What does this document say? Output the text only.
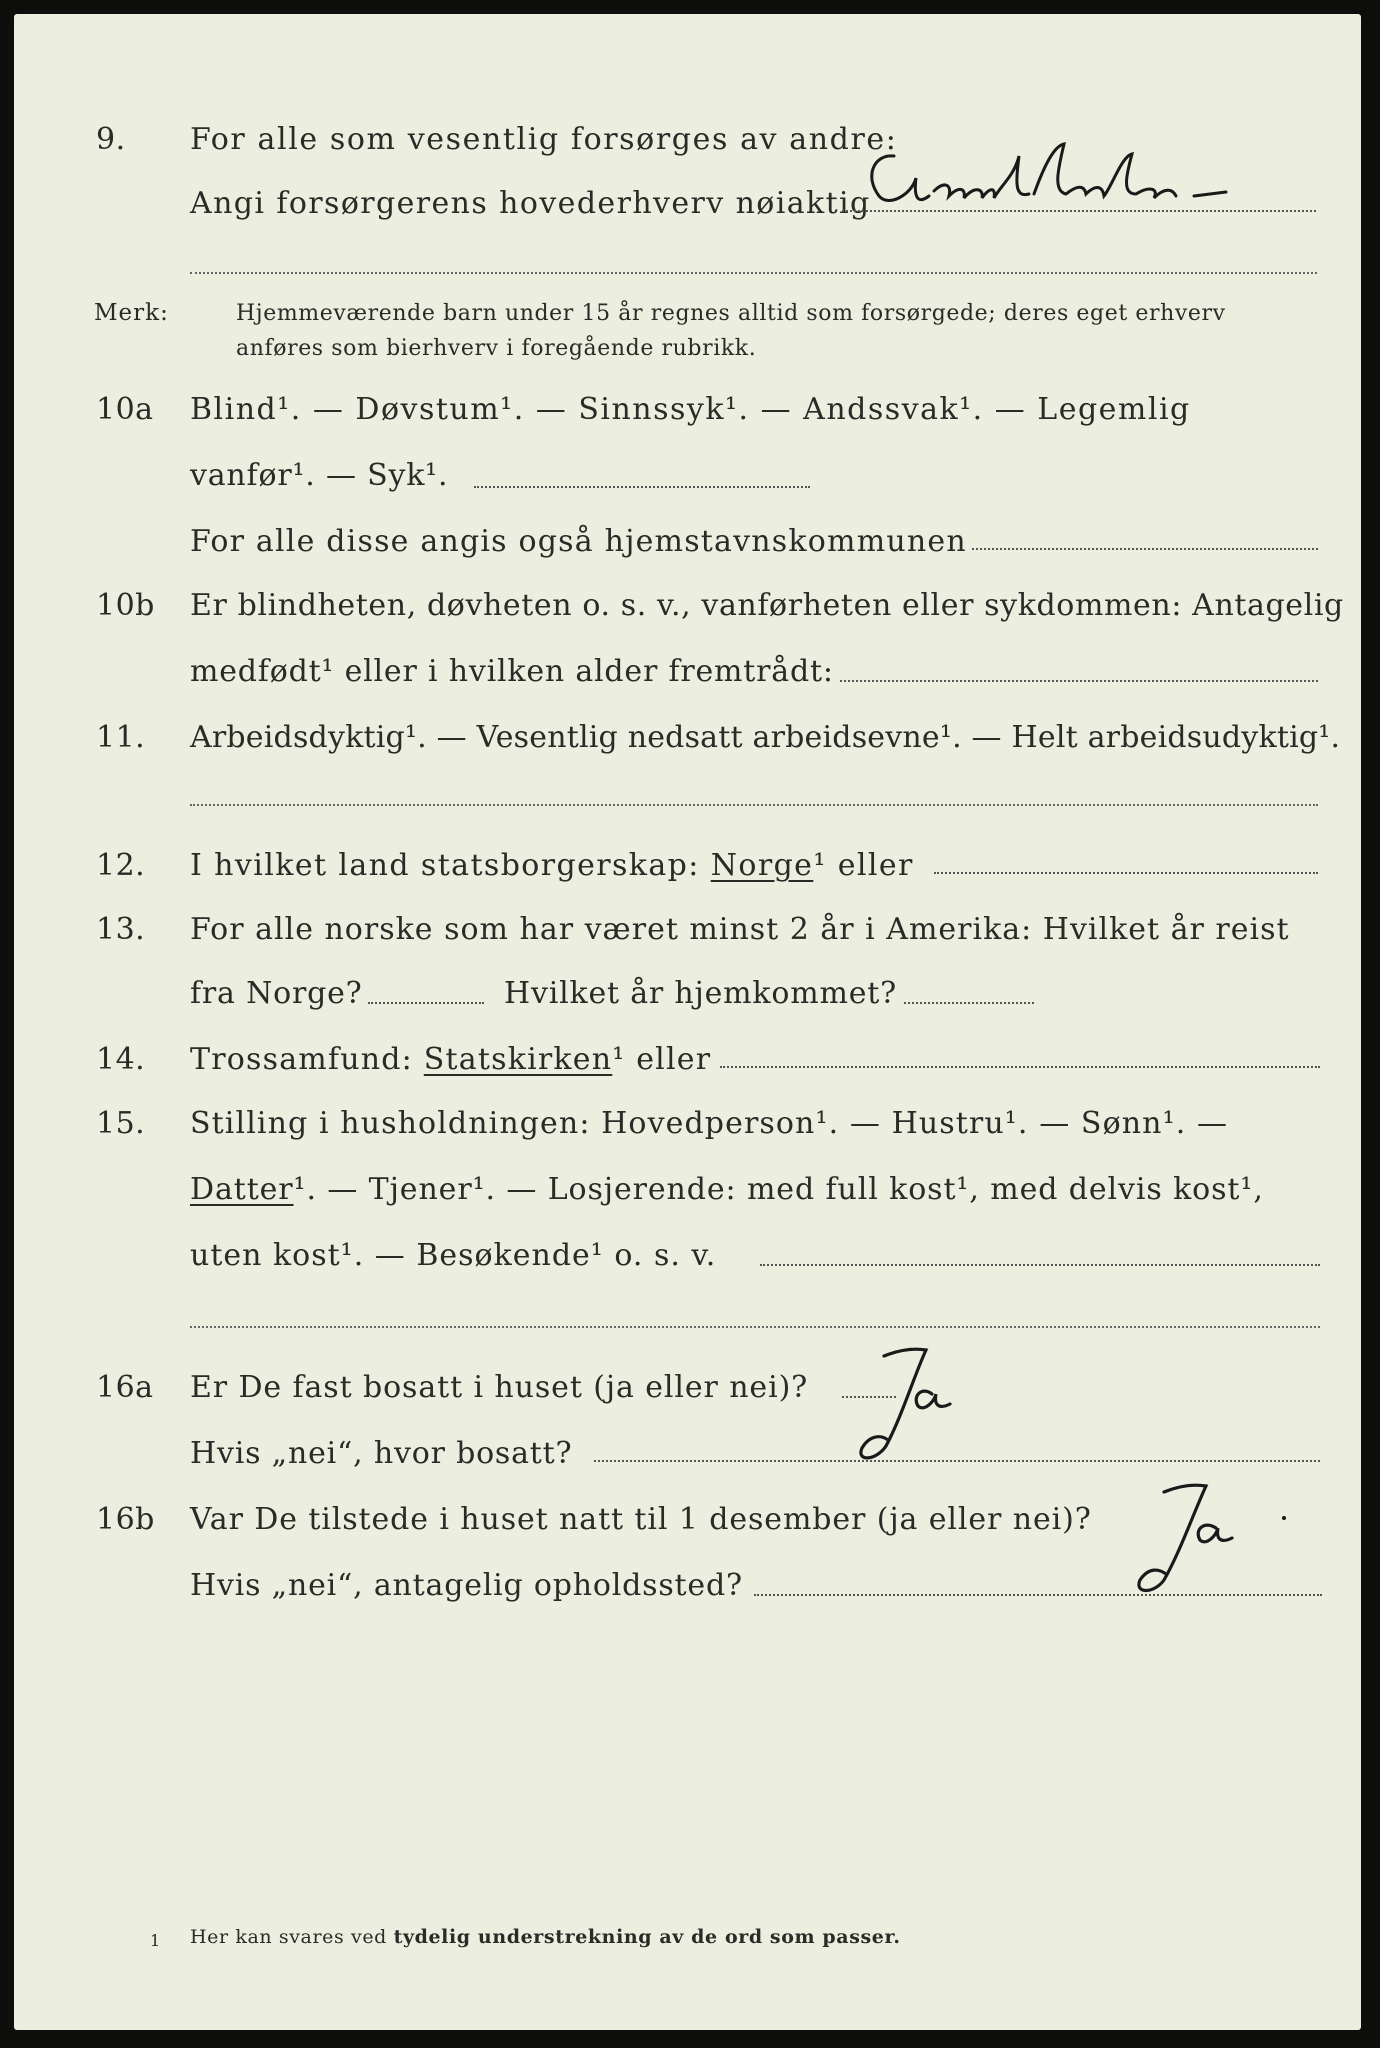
9. For alle som vesentlig forsørges av andre:
Angi forsørgerens hovederhverv nøiaktig
Merk:	Hjemmeværende barn under 15 år regnes alltid som forsørgede; deres eget erhverv
anføres som bierhverv i foregående rubrikk.
10a Blind¹. — Døvstum¹. — Sinnssyk¹. — Andssvak¹. — Legemlig
vanfør¹. — Syk¹.
For alle disse angis også hjemstavnskommunen
10b Er blindheten, døvheten o. s. v., vanførheten eller sykdommen: Antagelig
medfødt¹ eller i hvilken alder fremtrådt:
11. Arbeidsdyktig¹. — Vesentlig nedsatt arbeidsevne¹. — Helt arbeidsudyktig¹.
12. I hvilket land statsborgerskap: Norge¹ eller
13. For alle norske som har været minst 2 år i Amerika: Hvilket år reist
fra Norge?	Hvilket år hjemkommet?
14. Trossamfund: Statskirken¹ eller
15. Stilling i husholdningen: Hovedperson¹. — Hustru¹. — Sønn¹. —
Datter¹. — Tjener¹. — Losjerende: med full kost¹, med delvis kost¹,
uten kost¹. — Besøkende¹ o. s. v.
16a Er De fast bosatt i huset (ja eller nei)?
Hvis „nei“, hvor bosatt?
16b Var De tilstede i huset natt til 1 desember (ja eller nei)?
Hvis „nei“, antagelig opholdssted?
1 Her kan svares ved tydelig understrekning av de ord som passer.
